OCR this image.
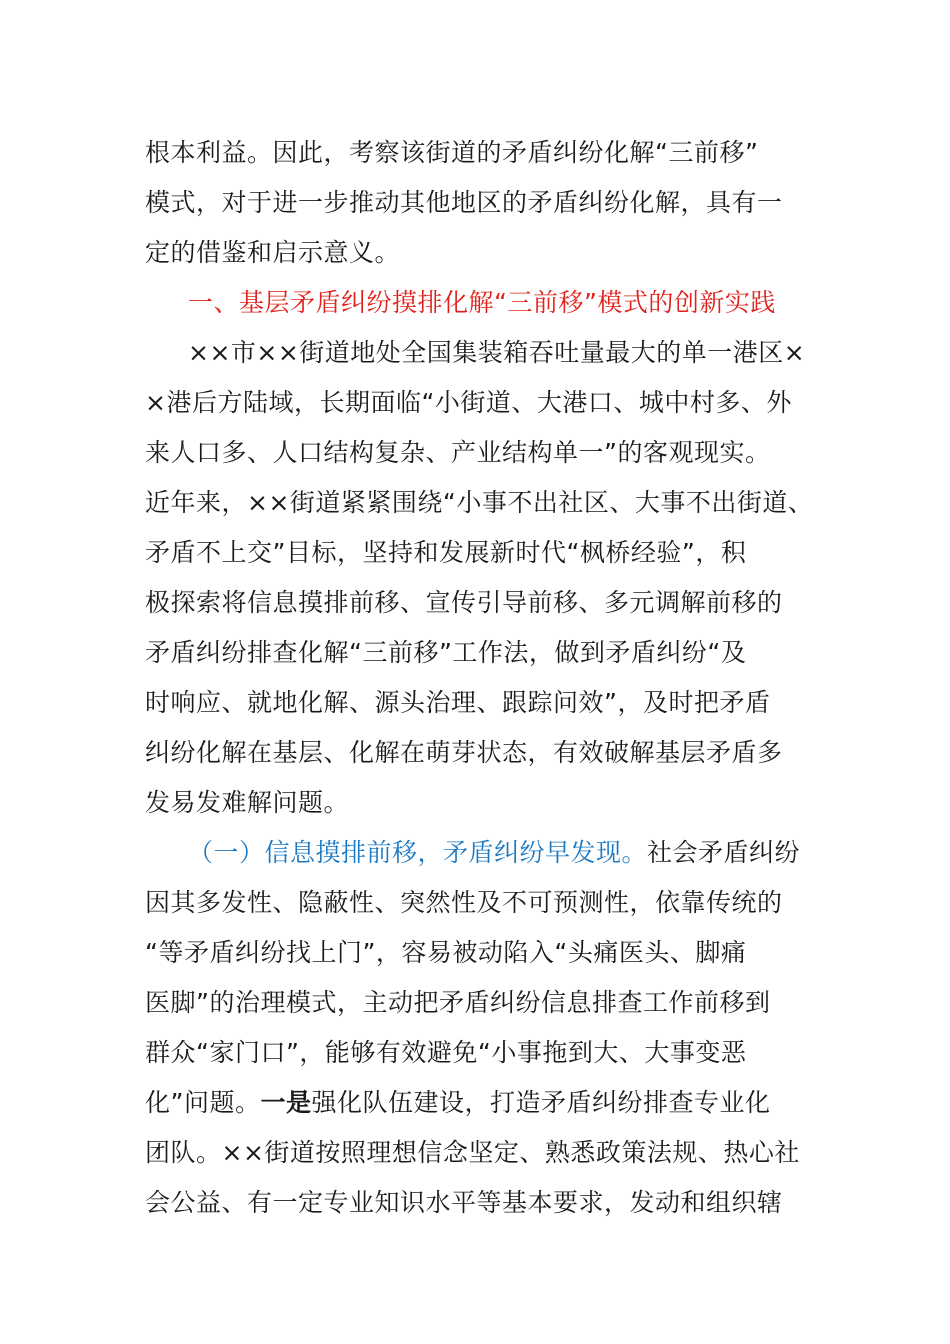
根本利益。因此，考察该街道的矛盾纠纷化解“三前移”
模式，对于进一步推动其他地区的矛盾纠纷化解，具有一
定的借鉴和启示意义。
一、基层矛盾纠纷摸排化解“三前移”模式的创新实践
××市××街道地处全国集装箱吞吐量最大的单一港区×
×港后方陆域，长期面临“小街道、大港口、城中村多、外
来人口多、人口结构复杂、产业结构单一”的客观现实。
近年来，××街道紧紧围绕“小事不出社区、大事不出街道、
矛盾不上交”目标，坚持和发展新时代“枫桥经验”，积
极探索将信息摸排前移、宣传引导前移、多元调解前移的
矛盾纠纷排查化解“三前移”工作法，做到矛盾纠纷“及
时响应、就地化解、源头治理、跟踪问效”，及时把矛盾
纠纷化解在基层、化解在萌芽状态，有效破解基层矛盾多
发易发难解问题。
（一）信息摸排前移，矛盾纠纷早发现。社会矛盾纠纷
因其多发性、隐蔽性、突然性及不可预测性，依靠传统的
“等矛盾纠纷找上门”，容易被动陷入“头痛医头、脚痛
医脚”的治理模式，主动把矛盾纠纷信息排查工作前移到
群众“家门口”，能够有效避免“小事拖到大、大事变恶
化”问题。一是强化队伍建设，打造矛盾纠纷排查专业化
团队。××街道按照理想信念坚定、熟悉政策法规、热心社
会公益、有一定专业知识水平等基本要求，发动和组织辖
